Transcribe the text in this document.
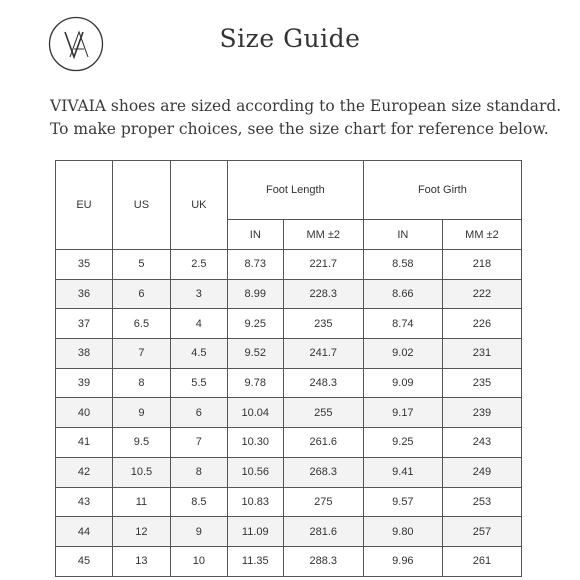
Size Guide

VIVAIA shoes are sized according to the European size standard.
To make proper choices, see the size chart for reference below.

EU	US	UK	Foot Length		Foot Girth	
			IN	MM ±2	IN	MM ±2
35	5	2.5	8.73	221.7	8.58	218
36	6	3	8.99	228.3	8.66	222
37	6.5	4	9.25	235	8.74	226
38	7	4.5	9.52	241.7	9.02	231
39	8	5.5	9.78	248.3	9.09	235
40	9	6	10.04	255	9.17	239
41	9.5	7	10.30	261.6	9.25	243
42	10.5	8	10.56	268.3	9.41	249
43	11	8.5	10.83	275	9.57	253
44	12	9	11.09	281.6	9.80	257
45	13	10	11.35	288.3	9.96	261
